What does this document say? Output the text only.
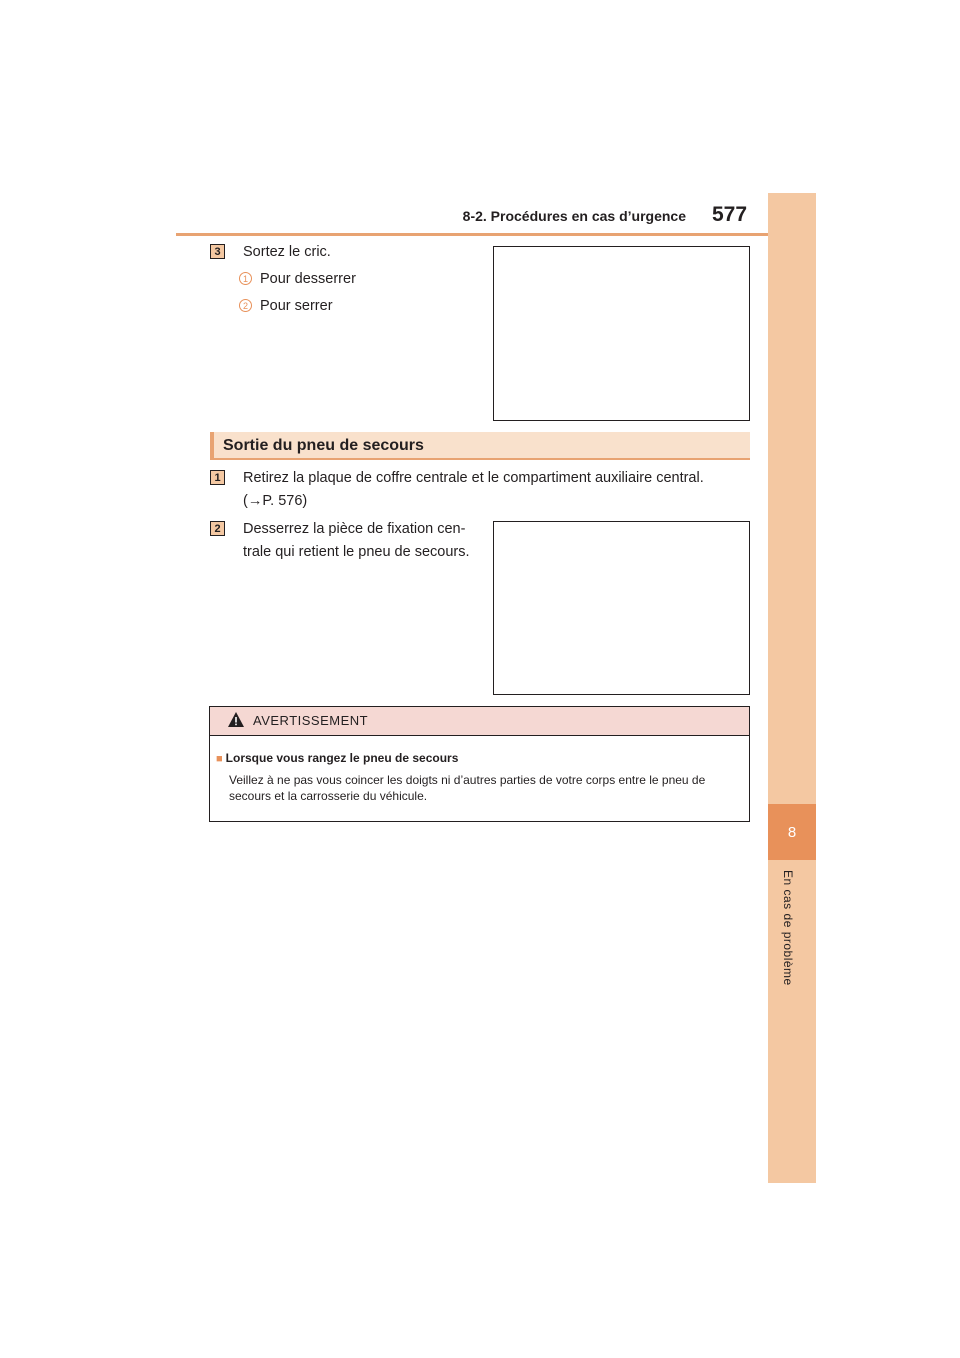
8-2. Procédures en cas d’urgence 577
8
En cas de problème
3	Sortez le cric.
1 Pour desserrer
2 Pour serrer
Sortie du pneu de secours
1	Retirez la plaque de coffre centrale et le compartiment auxiliaire central.
(→P. 576)
2	Desserrez la pièce de fixation cen-
trale qui retient le pneu de secours.
AVERTISSEMENT
■ Lorsque vous rangez le pneu de secours
Veillez à ne pas vous coincer les doigts ni d’autres parties de votre corps entre le pneu de secours et la carrosserie du véhicule.
